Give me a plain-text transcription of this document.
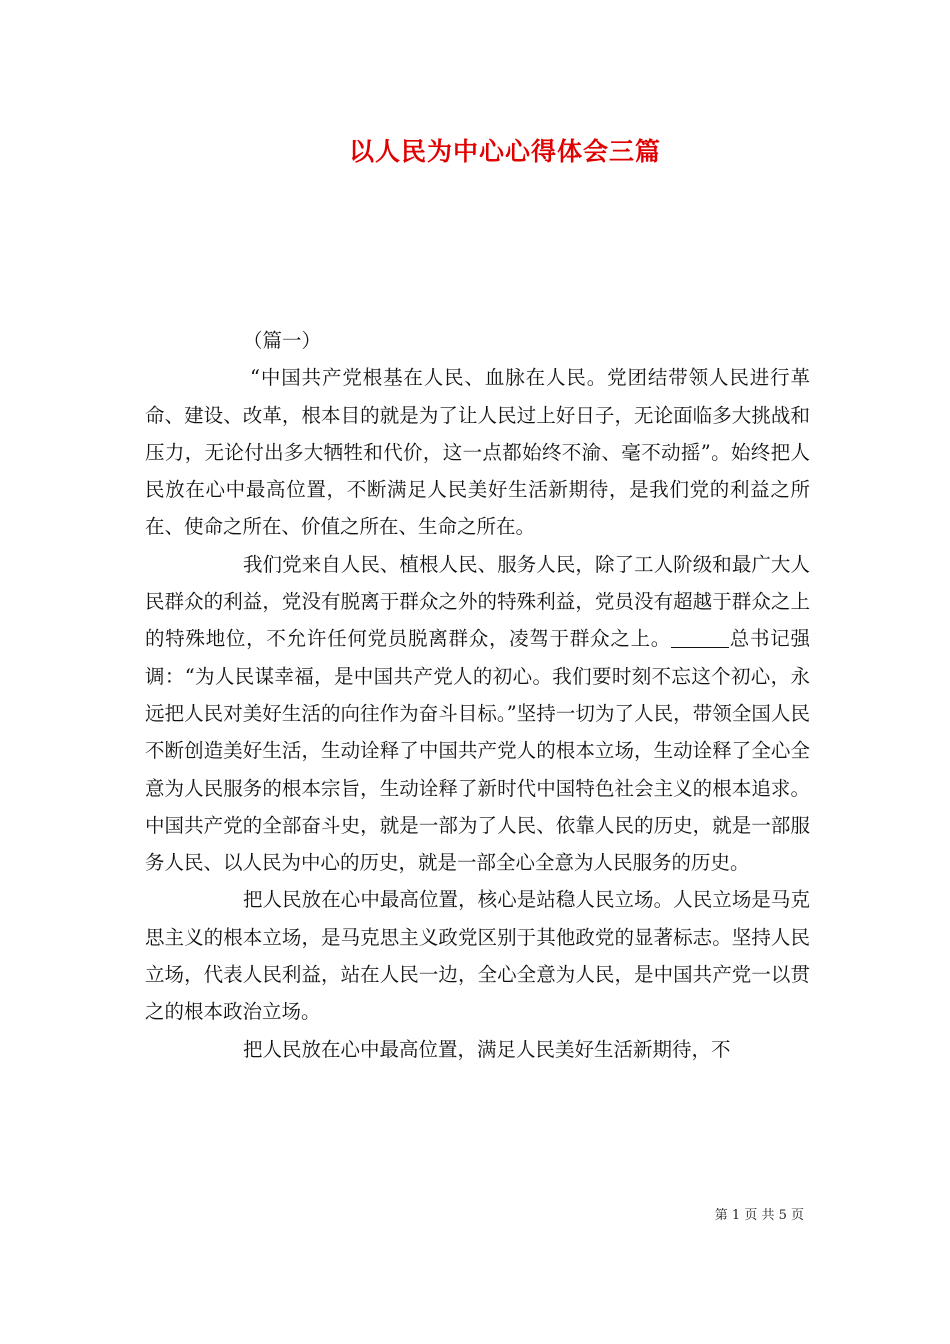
以人民为中心心得体会三篇

（篇一）

“中国共产党根基在人民、血脉在人民。党团结带领人民进行革命、建设、改革，根本目的就是为了让人民过上好日子，无论面临多大挑战和压力，无论付出多大牺牲和代价，这一点都始终不渝、毫不动摇”。始终把人民放在心中最高位置，不断满足人民美好生活新期待，是我们党的利益之所在、使命之所在、价值之所在、生命之所在。

我们党来自人民、植根人民、服务人民，除了工人阶级和最广大人民群众的利益，党没有脱离于群众之外的特殊利益，党员没有超越于群众之上的特殊地位，不允许任何党员脱离群众，凌驾于群众之上。	总书记强调：“为人民谋幸福，是中国共产党人的初心。我们要时刻不忘这个初心，永远把人民对美好生活的向往作为奋斗目标。”坚持一切为了人民，带领全国人民不断创造美好生活，生动诠释了中国共产党人的根本立场，生动诠释了全心全意为人民服务的根本宗旨，生动诠释了新时代中国特色社会主义的根本追求。中国共产党的全部奋斗史，就是一部为了人民、依靠人民的历史，就是一部服务人民、以人民为中心的历史，就是一部全心全意为人民服务的历史。

把人民放在心中最高位置，核心是站稳人民立场。人民立场是马克思主义的根本立场，是马克思主义政党区别于其他政党的显著标志。坚持人民立场，代表人民利益，站在人民一边，全心全意为人民，是中国共产党一以贯之的根本政治立场。

把人民放在心中最高位置，满足人民美好生活新期待，不

第 1 页 共 5 页
